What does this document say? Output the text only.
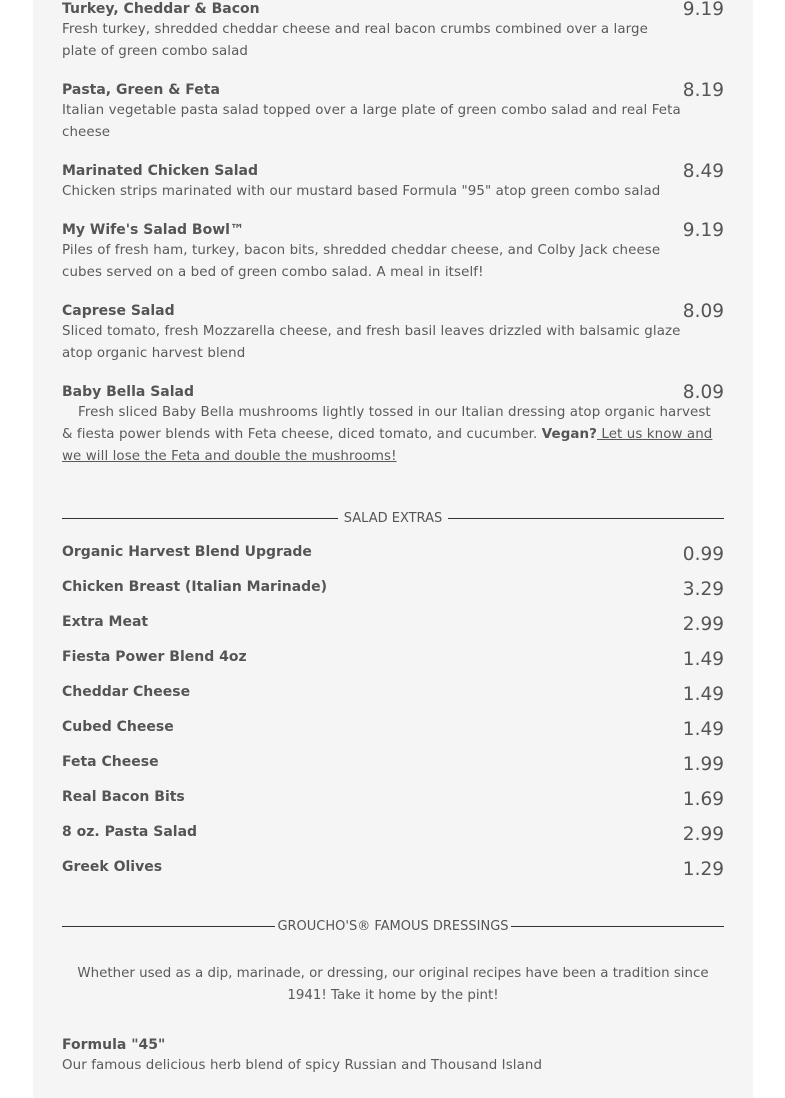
Turkey, Cheddar & Bacon	9.19

Fresh turkey, shredded cheddar cheese and real bacon crumbs combined over a large plate of green combo salad

Pasta, Green & Feta	8.19

Italian vegetable pasta salad topped over a large plate of green combo salad and real Feta cheese

Marinated Chicken Salad	8.49

Chicken strips marinated with our mustard based Formula "95" atop green combo salad

My Wife's Salad Bowl™	9.19

Piles of fresh ham, turkey, bacon bits, shredded cheddar cheese, and Colby Jack cheese cubes served on a bed of green combo salad. A meal in itself!

Caprese Salad	8.09

Sliced tomato, fresh Mozzarella cheese, and fresh basil leaves drizzled with balsamic glaze atop organic harvest blend

Baby Bella Salad	8.09

Fresh sliced Baby Bella mushrooms lightly tossed in our Italian dressing atop organic harvest & fiesta power blends with Feta cheese, diced tomato, and cucumber. Vegan? Let us know and we will lose the Feta and double the mushrooms!

SALAD EXTRAS

Organic Harvest Blend Upgrade	0.99

Chicken Breast (Italian Marinade)	3.29

Extra Meat	2.99

Fiesta Power Blend 4oz	1.49

Cheddar Cheese	1.49

Cubed Cheese	1.49

Feta Cheese	1.99

Real Bacon Bits	1.69

8 oz. Pasta Salad	2.99

Greek Olives	1.29
GROUCHO'S® FAMOUS DRESSINGS
Whether used as a dip, marinade, or dressing, our original recipes have been a tradition since 1941! Take it home by the pint!

Formula "45"

Our famous delicious herb blend of spicy Russian and Thousand Island
